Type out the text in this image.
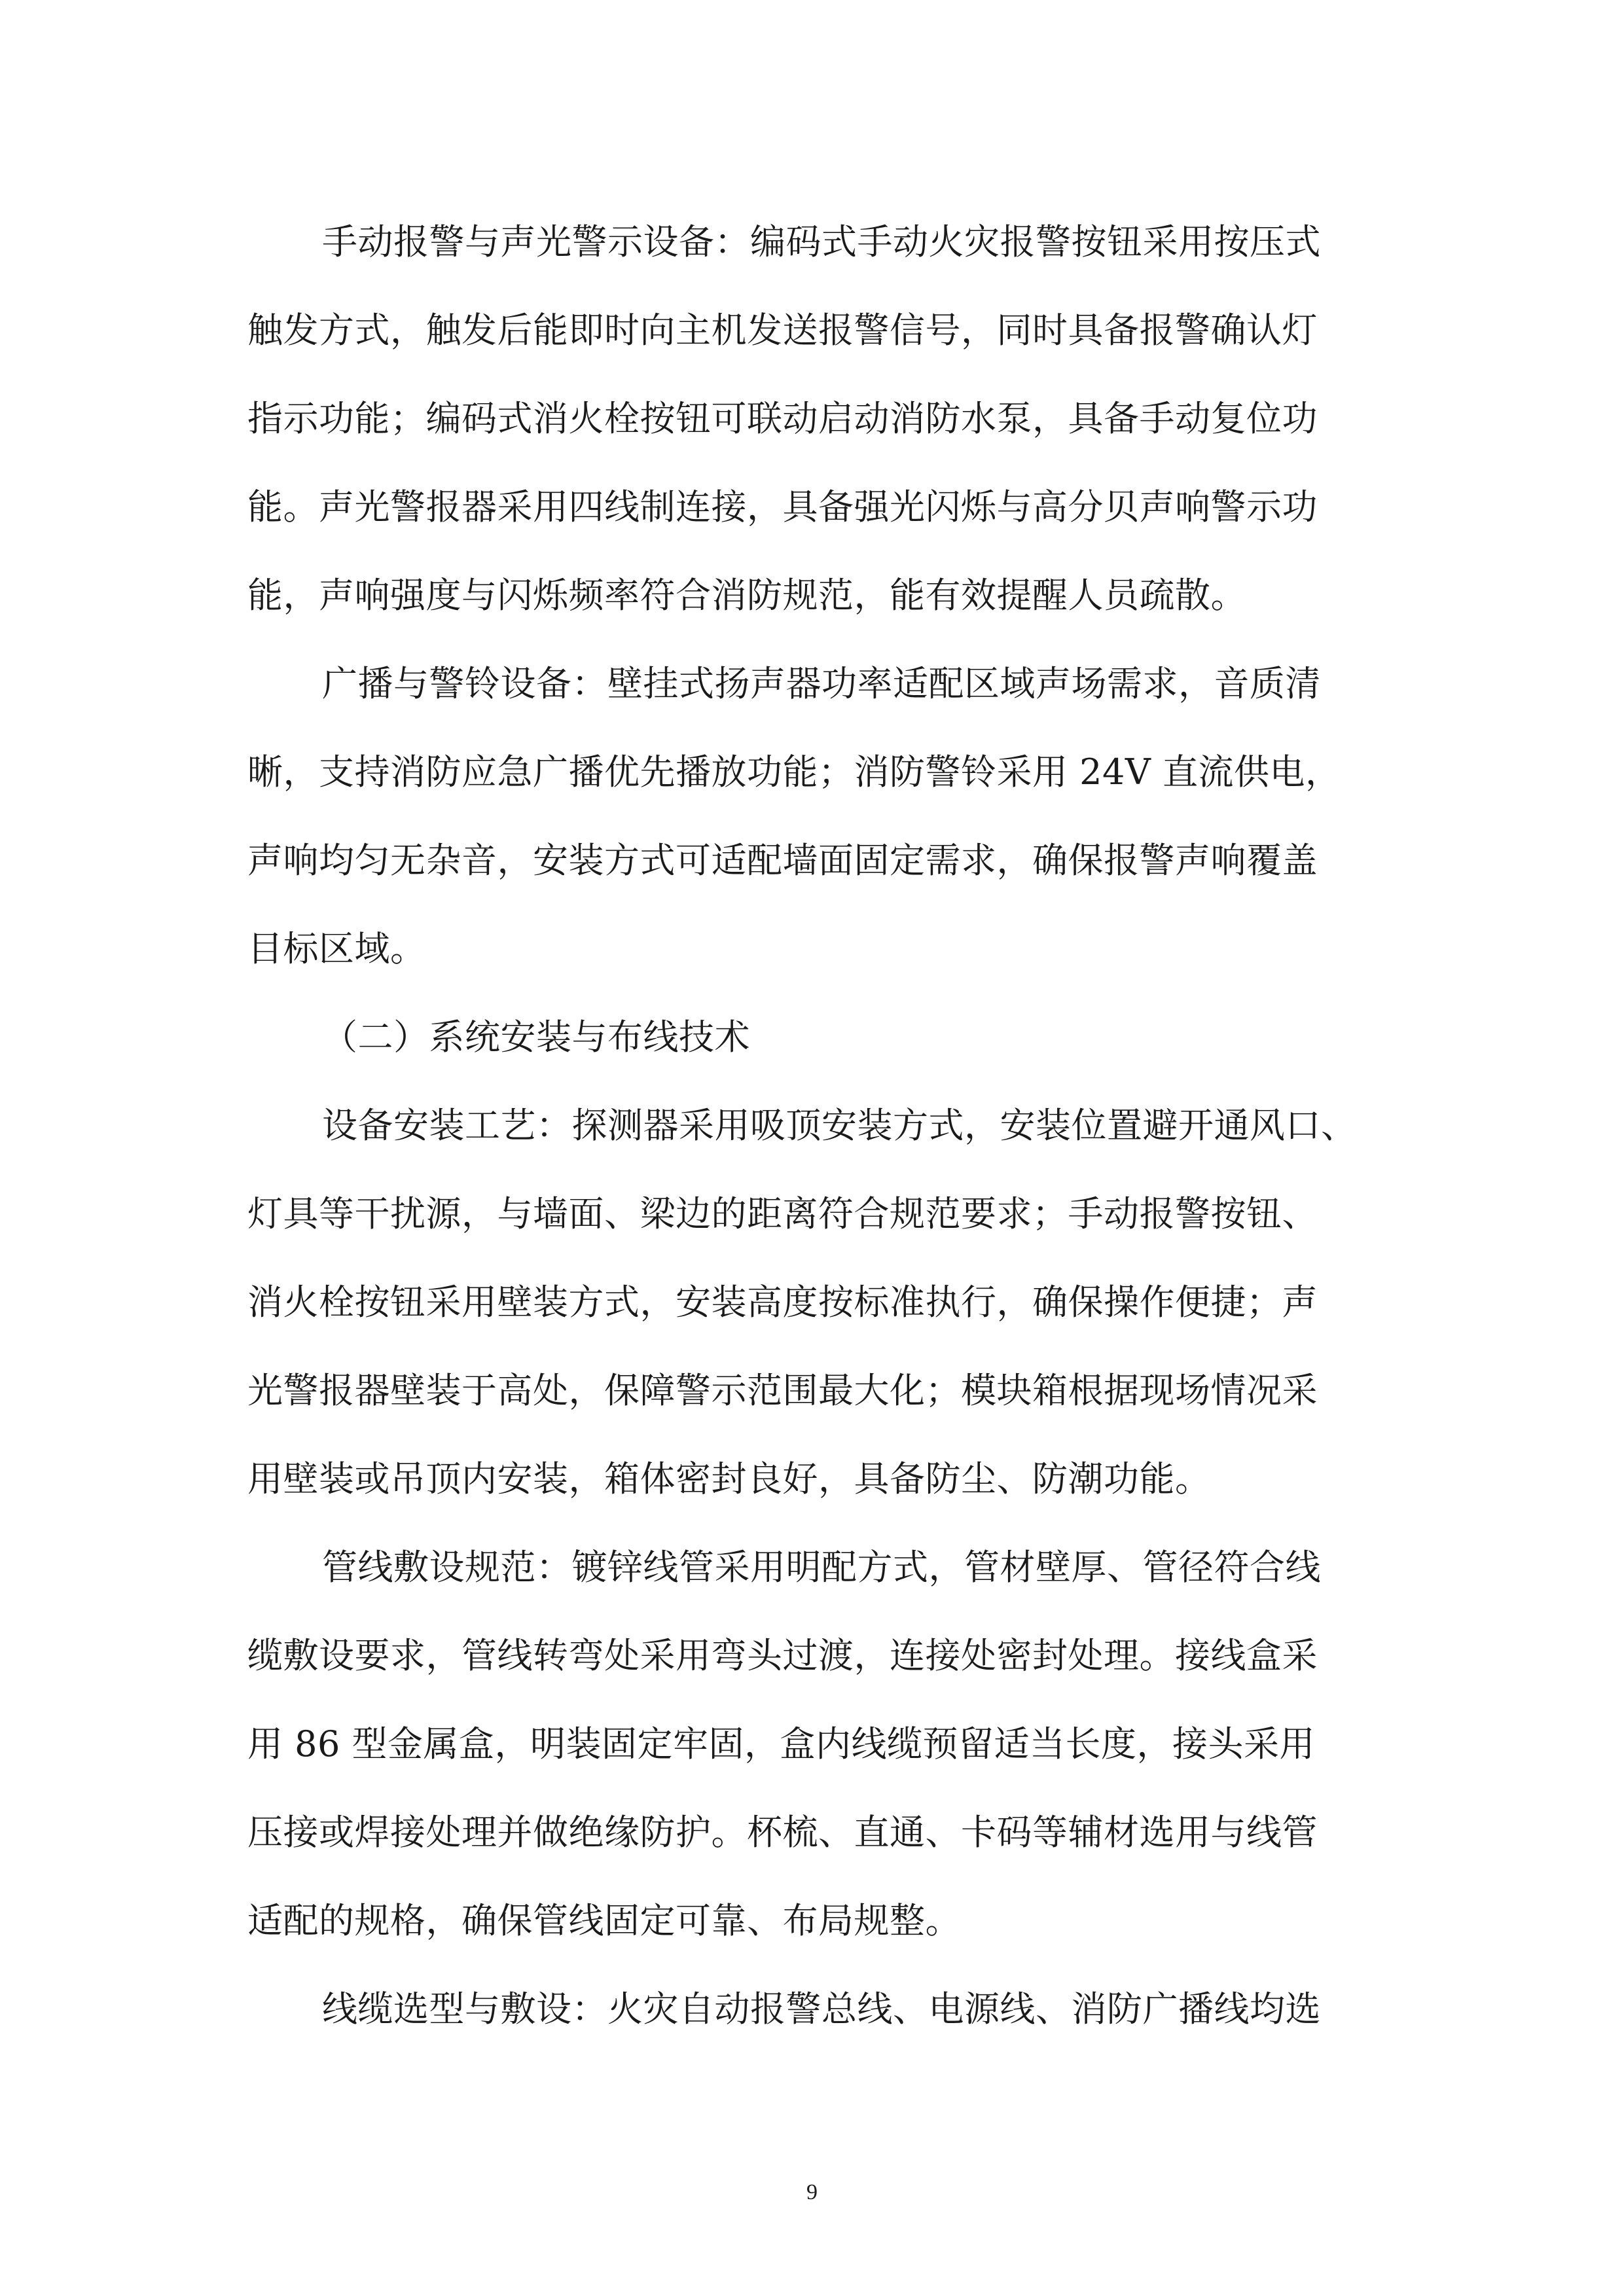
手动报警与声光警示设备：编码式手动火灾报警按钮采用按压式
触发方式，触发后能即时向主机发送报警信号，同时具备报警确认灯
指示功能；编码式消火栓按钮可联动启动消防水泵，具备手动复位功
能。声光警报器采用四线制连接，具备强光闪烁与高分贝声响警示功
能，声响强度与闪烁频率符合消防规范，能有效提醒人员疏散。
广播与警铃设备：壁挂式扬声器功率适配区域声场需求，音质清
晰，支持消防应急广播优先播放功能；消防警铃采用 24V 直流供电，
声响均匀无杂音，安装方式可适配墙面固定需求，确保报警声响覆盖
目标区域。
（二）系统安装与布线技术
设备安装工艺：探测器采用吸顶安装方式，安装位置避开通风口、
灯具等干扰源，与墙面、梁边的距离符合规范要求；手动报警按钮、
消火栓按钮采用壁装方式，安装高度按标准执行，确保操作便捷；声
光警报器壁装于高处，保障警示范围最大化；模块箱根据现场情况采
用壁装或吊顶内安装，箱体密封良好，具备防尘、防潮功能。
管线敷设规范：镀锌线管采用明配方式，管材壁厚、管径符合线
缆敷设要求，管线转弯处采用弯头过渡，连接处密封处理。接线盒采
用 86 型金属盒，明装固定牢固，盒内线缆预留适当长度，接头采用
压接或焊接处理并做绝缘防护。杯梳、直通、卡码等辅材选用与线管
适配的规格，确保管线固定可靠、布局规整。
线缆选型与敷设：火灾自动报警总线、电源线、消防广播线均选
9
